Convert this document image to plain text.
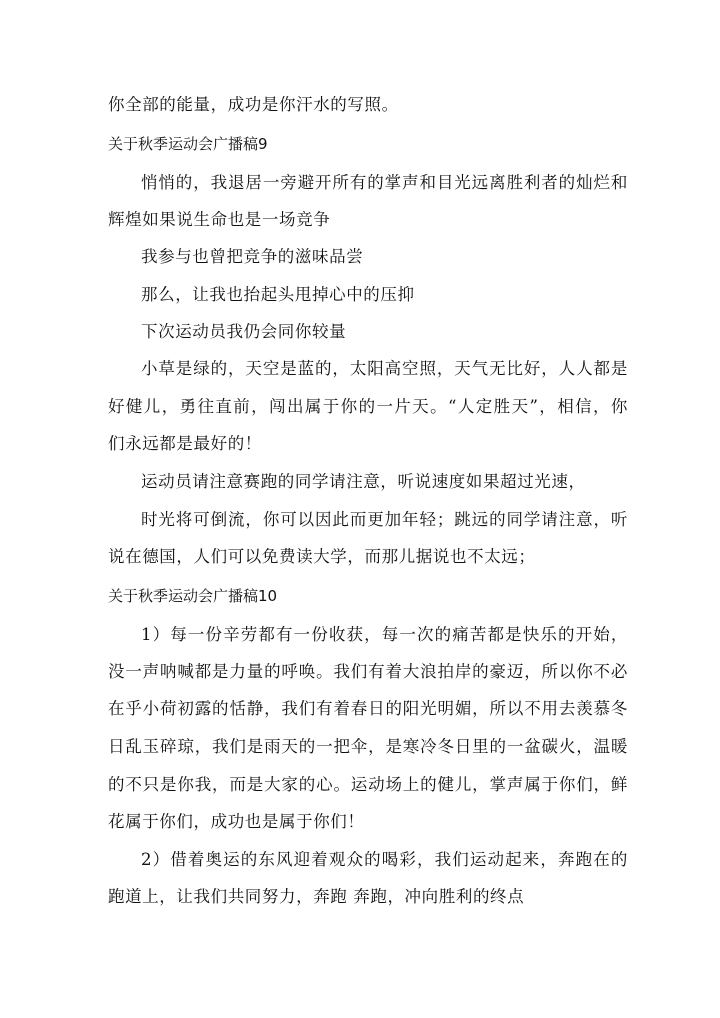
你全部的能量，成功是你汗水的写照。
关于秋季运动会广播稿9
悄悄的，我退居一旁避开所有的掌声和目光远离胜利者的灿烂和
辉煌如果说生命也是一场竞争
我参与也曾把竞争的滋味品尝
那么，让我也抬起头甩掉心中的压抑
下次运动员我仍会同你较量
小草是绿的，天空是蓝的，太阳高空照，天气无比好，人人都是
好健儿，勇往直前，闯出属于你的一片天。“人定胜天”，相信，你
们永远都是最好的！
运动员请注意赛跑的同学请注意，听说速度如果超过光速，
时光将可倒流，你可以因此而更加年轻；跳远的同学请注意，听
说在德国，人们可以免费读大学，而那儿据说也不太远；
关于秋季运动会广播稿10
1）每一份辛劳都有一份收获，每一次的痛苦都是快乐的开始，
没一声呐喊都是力量的呼唤。我们有着大浪拍岸的豪迈，所以你不必
在乎小荷初露的恬静，我们有着春日的阳光明媚，所以不用去羡慕冬
日乱玉碎琼，我们是雨天的一把伞，是寒冷冬日里的一盆碳火，温暖
的不只是你我，而是大家的心。运动场上的健儿，掌声属于你们，鲜
花属于你们，成功也是属于你们！
2）借着奥运的东风迎着观众的喝彩，我们运动起来，奔跑在的
跑道上，让我们共同努力，奔跑 奔跑，冲向胜利的终点
